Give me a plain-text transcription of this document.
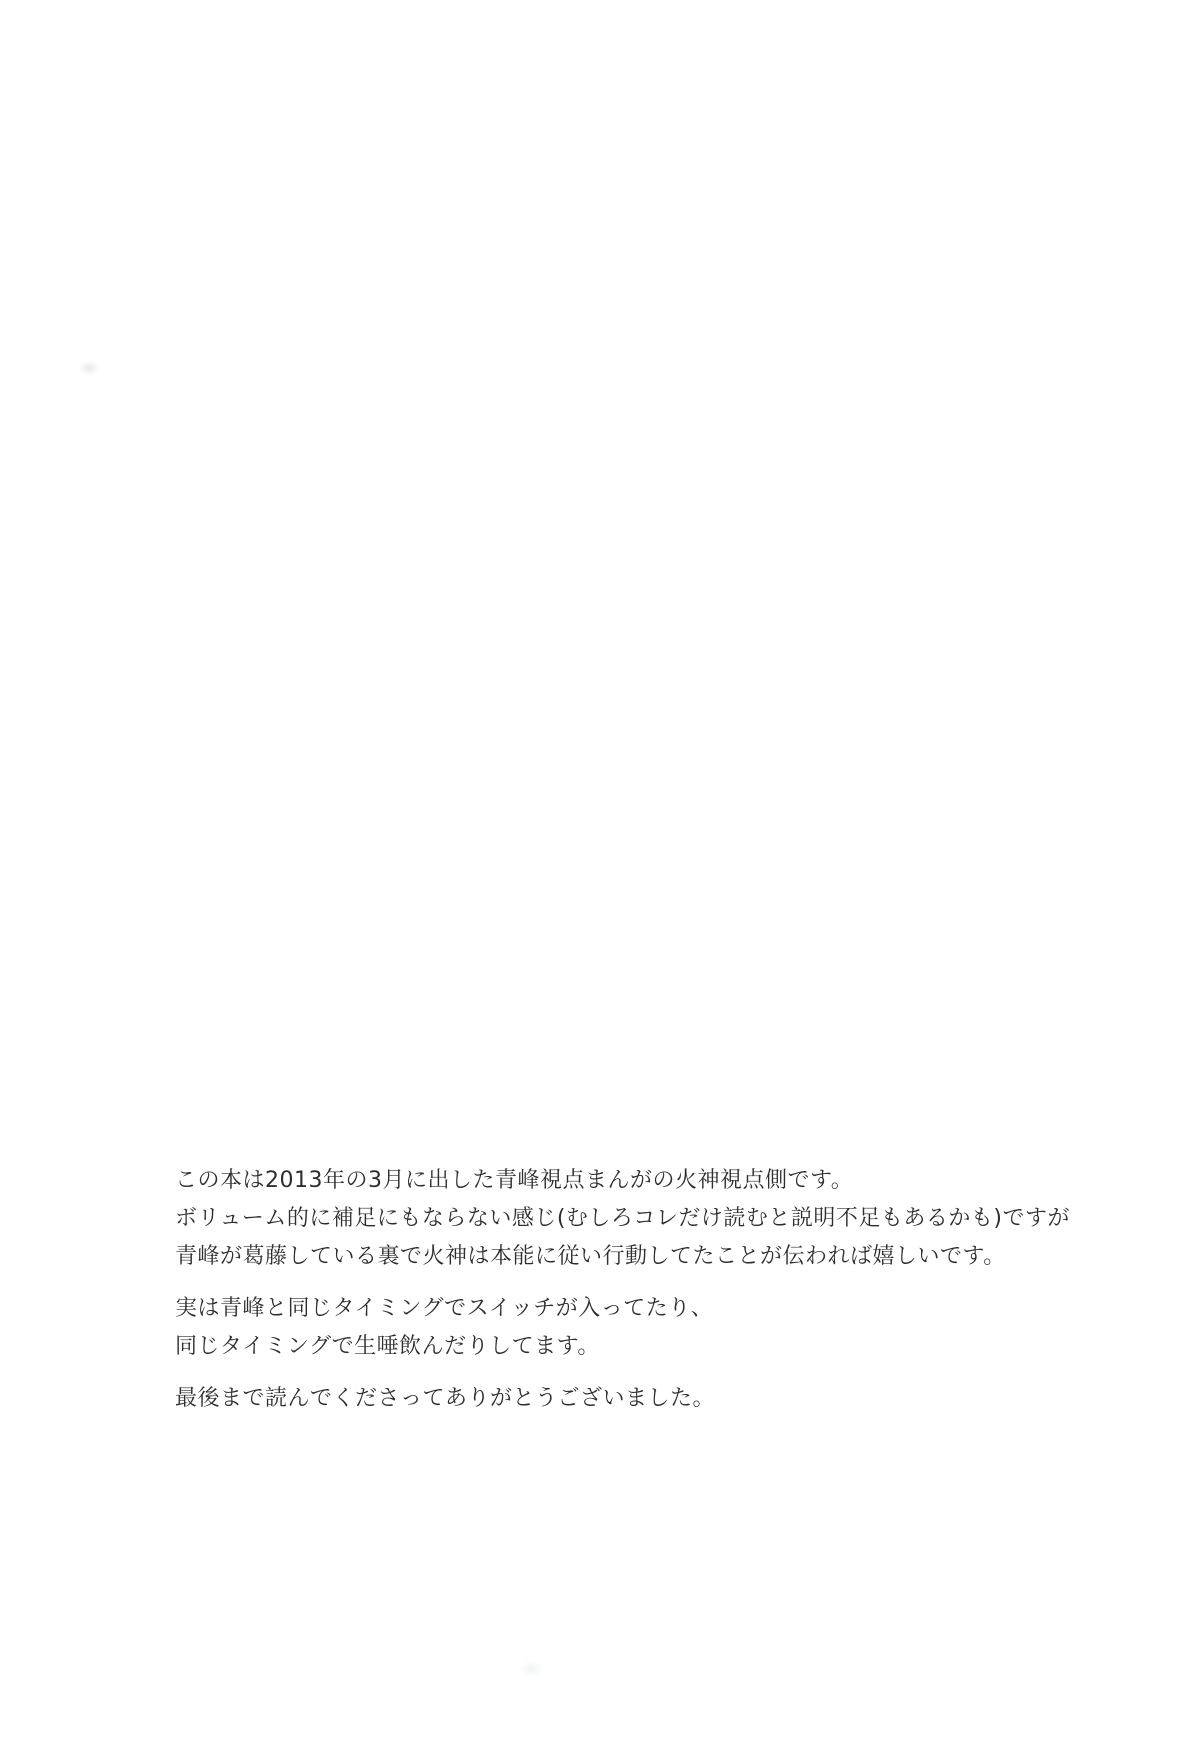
この本は2013年の3月に出した青峰視点まんがの火神視点側です。
ボリューム的に補足にもならない感じ(むしろコレだけ読むと説明不足もあるかも)ですが
青峰が葛藤している裏で火神は本能に従い行動してたことが伝われば嬉しいです。

実は青峰と同じタイミングでスイッチが入ってたり、
同じタイミングで生唾飲んだりしてます。

最後まで読んでくださってありがとうございました。
